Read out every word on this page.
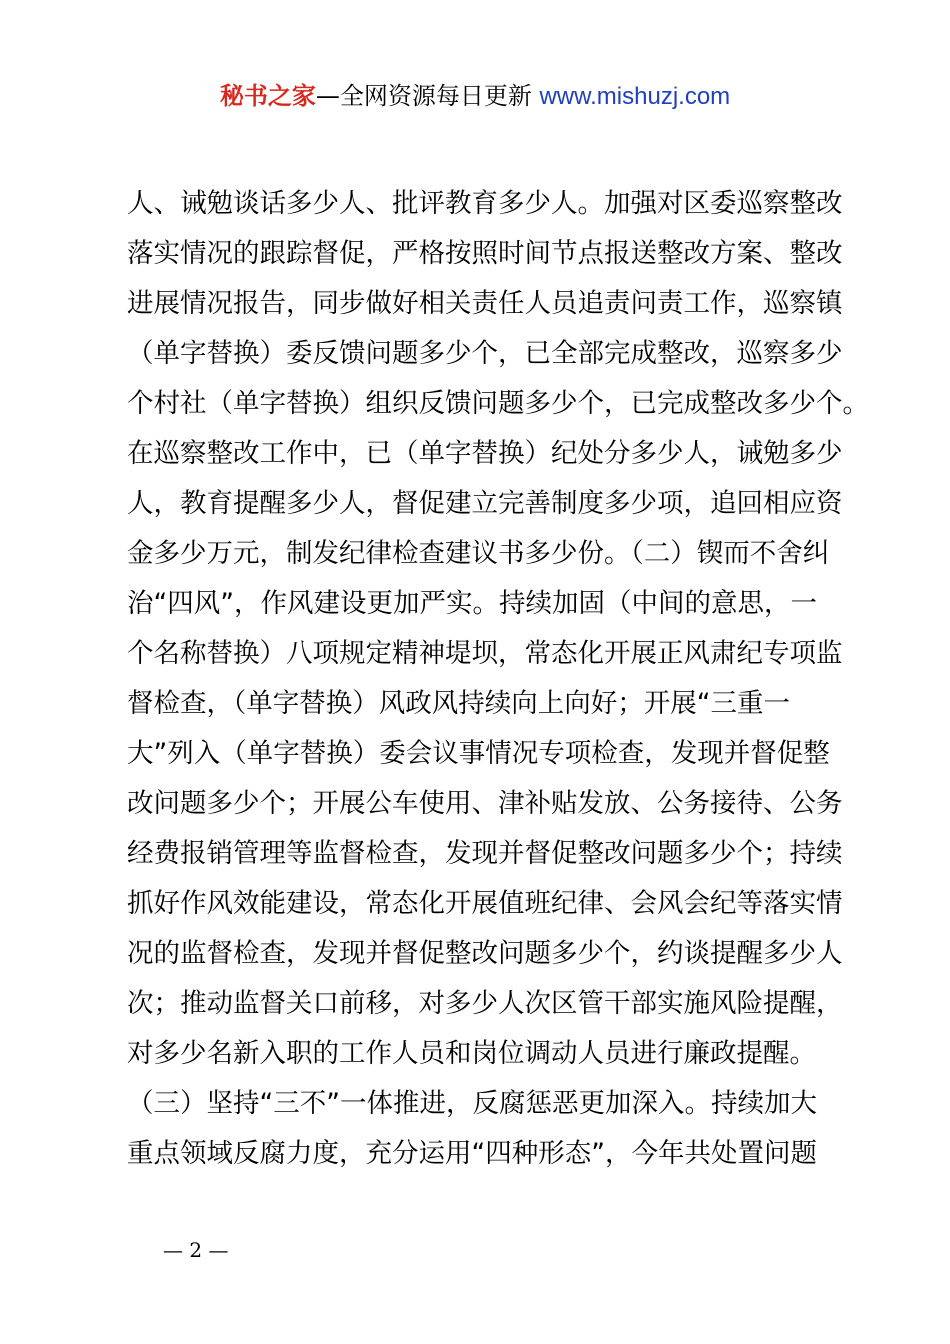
秘书之家—全网资源每日更新 www.mishuzj.com
人、诫勉谈话多少人、批评教育多少人。加强对区委巡察整改
落实情况的跟踪督促，严格按照时间节点报送整改方案、整改
进展情况报告，同步做好相关责任人员追责问责工作，巡察镇
（单字替换）委反馈问题多少个，已全部完成整改，巡察多少
个村社（单字替换）组织反馈问题多少个，已完成整改多少个。
在巡察整改工作中，已（单字替换）纪处分多少人，诫勉多少
人，教育提醒多少人，督促建立完善制度多少项，追回相应资
金多少万元，制发纪律检查建议书多少份。（二）锲而不舍纠
治“四风”，作风建设更加严实。持续加固（中间的意思，一
个名称替换）八项规定精神堤坝，常态化开展正风肃纪专项监
督检查，（单字替换）风政风持续向上向好；开展“三重一
大”列入（单字替换）委会议事情况专项检查，发现并督促整
改问题多少个；开展公车使用、津补贴发放、公务接待、公务
经费报销管理等监督检查，发现并督促整改问题多少个；持续
抓好作风效能建设，常态化开展值班纪律、会风会纪等落实情
况的监督检查，发现并督促整改问题多少个，约谈提醒多少人
次；推动监督关口前移，对多少人次区管干部实施风险提醒，
对多少名新入职的工作人员和岗位调动人员进行廉政提醒。
（三）坚持“三不”一体推进，反腐惩恶更加深入。持续加大
重点领域反腐力度，充分运用“四种形态”，今年共处置问题
— 2 —
